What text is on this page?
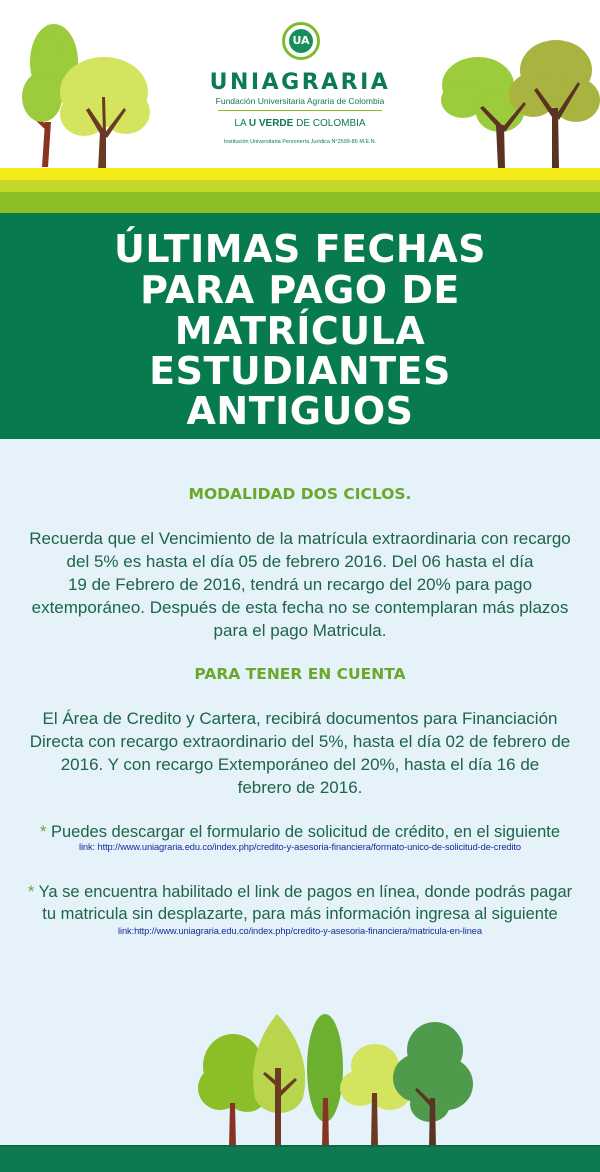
UA
UNIAGRARIA
Fundación Universitaria Agraria de Colombia
LA U VERDE DE COLOMBIA
Institución Universitaria Personería Jurídica N°2599-86 M.E.N.
ÚLTIMAS FECHAS
PARA PAGO DE
MATRÍCULA
ESTUDIANTES
ANTIGUOS
MODALIDAD DOS CICLOS.
Recuerda que el Vencimiento de la matrícula extraordinaria con recargo
del 5% es hasta el día 05 de febrero 2016. Del 06 hasta el día
19 de Febrero de 2016, tendrá un recargo del 20% para pago
extemporáneo. Después de esta fecha no se contemplaran más plazos
para el pago Matricula.
PARA TENER EN CUENTA
El Área de Credito y Cartera, recibirá documentos para Financiación
Directa con recargo extraordinario del 5%, hasta el día 02 de febrero de
2016. Y con recargo Extemporáneo del 20%, hasta el día 16 de
febrero de 2016.
* Puedes descargar el formulario de solicitud de crédito, en el siguiente
link: http://www.uniagraria.edu.co/index.php/credito-y-asesoria-financiera/formato-unico-de-solicitud-de-credito
* Ya se encuentra habilitado el link de pagos en línea, donde podrás pagar
tu matricula sin desplazarte, para más información ingresa al siguiente
link:http://www.uniagraria.edu.co/index.php/credito-y-asesoria-financiera/matricula-en-linea
